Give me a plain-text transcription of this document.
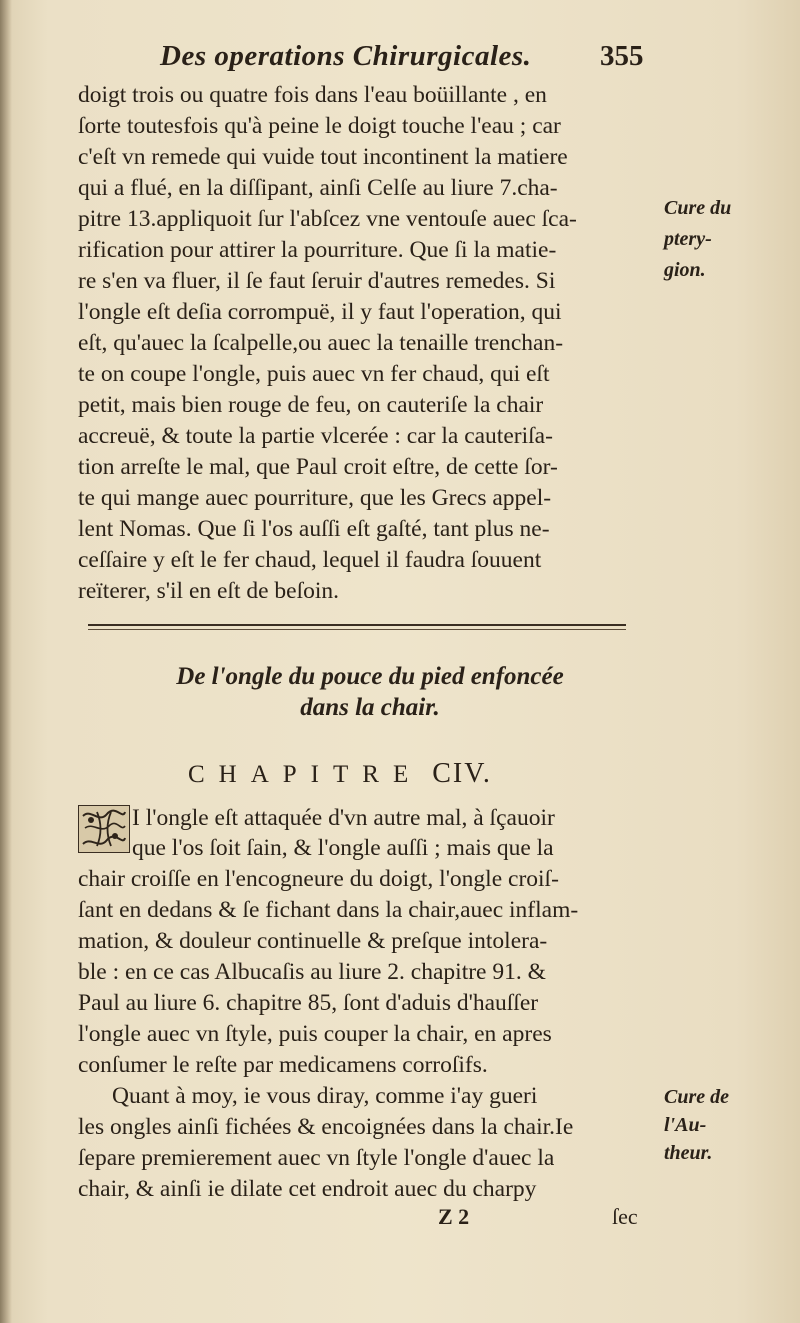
Des operations Chirurgicales. 355
doigt trois ou quatre fois dans l'eau boüillante , en
ſorte toutesfois qu'à peine le doigt touche l'eau ; car
c'eſt vn remede qui vuide tout incontinent la matiere
qui a flué, en la diſſipant, ainſi Celſe au liure 7.cha-
pitre 13.appliquoit ſur l'abſcez vne ventouſe auec ſca-
rification pour attirer la pourriture. Que ſi la matie-
re s'en va fluer, il ſe faut ſeruir d'autres remedes. Si
l'ongle eſt deſia corrompuë, il y faut l'operation, qui
eſt, qu'auec la ſcalpelle,ou auec la tenaille trenchan-
te on coupe l'ongle, puis auec vn fer chaud, qui eſt
petit, mais bien rouge de feu, on cauteriſe la chair
accreuë, & toute la partie vlcerée : car la cauteriſa-
tion arreſte le mal, que Paul croit eſtre, de cette ſor-
te qui mange auec pourriture, que les Grecs appel-
lent Nomas. Que ſi l'os auſſi eſt gaſté, tant plus ne-
ceſſaire y eſt le fer chaud, lequel il faudra ſouuent
reïterer, s'il en eſt de beſoin.
Cure du
ptery-
gion.
De l'ongle du pouce du pied enfoncée
dans la chair.
CHAPITRE CIV.
I l'ongle eſt attaquée d'vn autre mal, à ſçauoir
que l'os ſoit ſain, & l'ongle auſſi ; mais que la
chair croiſſe en l'encogneure du doigt, l'ongle croiſ-
ſant en dedans & ſe fichant dans la chair,auec inflam-
mation, & douleur continuelle & preſque intolera-
ble : en ce cas Albucaſis au liure 2. chapitre 91. &
Paul au liure 6. chapitre 85, ſont d'aduis d'hauſſer
l'ongle auec vn ſtyle, puis couper la chair, en apres
conſumer le reſte par medicamens corroſifs.
Quant à moy, ie vous diray, comme i'ay gueri
les ongles ainſi fichées & encoignées dans la chair.Ie
ſepare premierement auec vn ſtyle l'ongle d'auec la
chair, & ainſi ie dilate cet endroit auec du charpy
Cure de
l'Au-
theur.
Z 2	ſec
